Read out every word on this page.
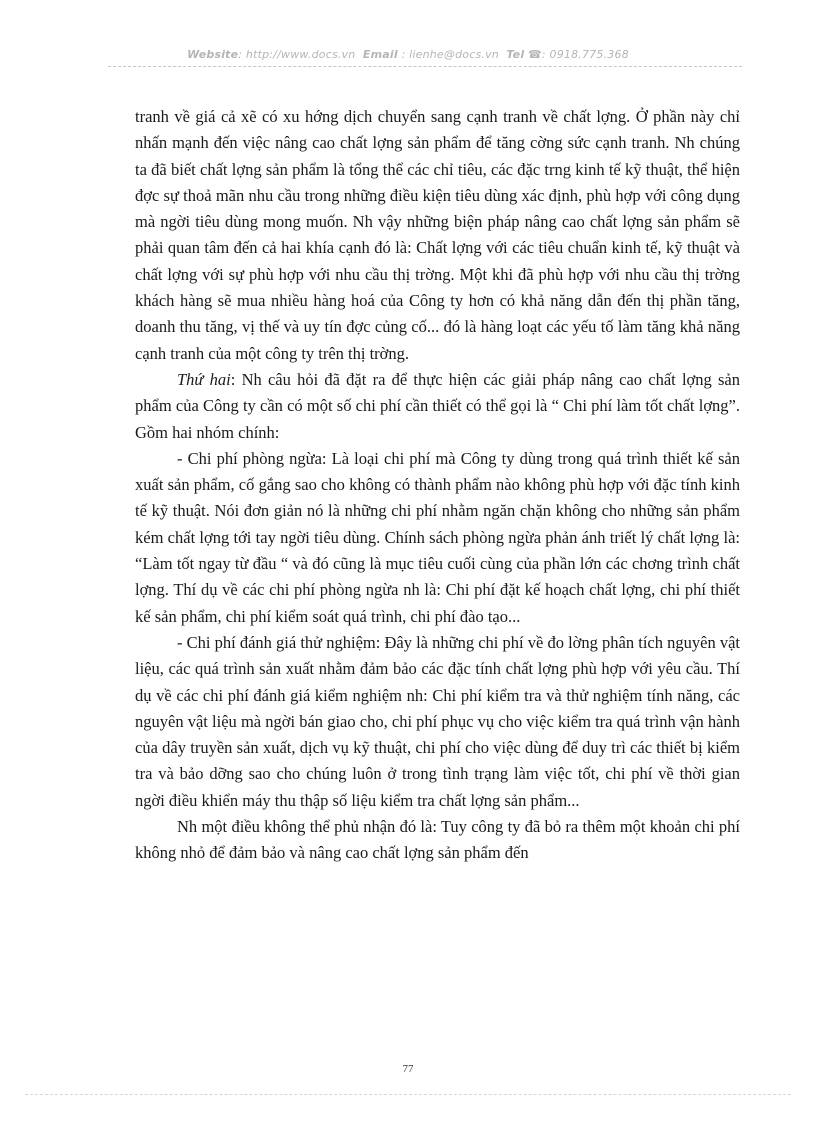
Website: http://www.docs.vn Email : lienhe@docs.vn Tel ☎: 0918.775.368

tranh về giá cả xẽ có xu hớng dịch chuyển sang cạnh tranh về chất lợng. Ở phần này chỉ nhấn mạnh đến việc nâng cao chất lợng sản phẩm để tăng cờng sức cạnh tranh. Nh chúng ta đã biết chất lợng sản phẩm là tổng thể các chỉ tiêu, các đặc trng kinh tế kỹ thuật, thể hiện đợc sự thoả mãn nhu cầu trong những điều kiện tiêu dùng xác định, phù hợp với công dụng mà ngời tiêu dùng mong muốn. Nh vậy những biện pháp nâng cao chất lợng sản phẩm sẽ phải quan tâm đến cả hai khía cạnh đó là: Chất lợng với các tiêu chuẩn kinh tế, kỹ thuật và chất lợng với sự phù hợp với nhu cầu thị trờng. Một khi đã phù hợp với nhu cầu thị trờng khách hàng sẽ mua nhiều hàng hoá của Công ty hơn có khả năng dẫn đến thị phần tăng, doanh thu tăng, vị thế và uy tín đợc củng cố... đó là hàng loạt các yếu tố làm tăng khả năng cạnh tranh của một công ty trên thị trờng.

Thứ hai: Nh câu hỏi đã đặt ra để thực hiện các giải pháp nâng cao chất lợng sản phẩm của Công ty cần có một số chi phí cần thiết có thể gọi là “ Chi phí làm tốt chất lợng”. Gồm hai nhóm chính:

- Chi phí phòng ngừa: Là loại chi phí mà Công ty dùng trong quá trình thiết kế sản xuất sản phẩm, cố gắng sao cho không có thành phẩm nào không phù hợp với đặc tính kinh tế kỹ thuật. Nói đơn giản nó là những chi phí nhằm ngăn chặn không cho những sản phẩm kém chất lợng tới tay ngời tiêu dùng. Chính sách phòng ngừa phản ánh triết lý chất lợng là: “Làm tốt ngay từ đầu “ và đó cũng là mục tiêu cuối cùng của phần lớn các chơng trình chất lợng. Thí dụ về các chi phí phòng ngừa nh là: Chi phí đặt kế hoạch chất lợng, chi phí thiết kế sản phẩm, chi phí kiểm soát quá trình, chi phí đào tạo...

- Chi phí đánh giá thử nghiệm: Đây là những chi phí về đo lờng phân tích nguyên vật liệu, các quá trình sản xuất nhằm đảm bảo các đặc tính chất lợng phù hợp với yêu cầu. Thí dụ về các chi phí đánh giá kiểm nghiệm nh: Chi phí kiểm tra và thử nghiệm tính năng, các nguyên vật liệu mà ngời bán giao cho, chi phí phục vụ cho việc kiểm tra quá trình vận hành của dây truyền sản xuất, dịch vụ kỹ thuật, chi phí cho việc dùng để duy trì các thiết bị kiểm tra và bảo dỡng sao cho chúng luôn ở trong tình trạng làm việc tốt, chi phí về thời gian ngời điều khiển máy thu thập số liệu kiểm tra chất lợng sản phẩm...

Nh một điều không thể phủ nhận đó là: Tuy công ty đã bỏ ra thêm một khoản chi phí không nhỏ để đảm bảo và nâng cao chất lợng sản phẩm đến

77
